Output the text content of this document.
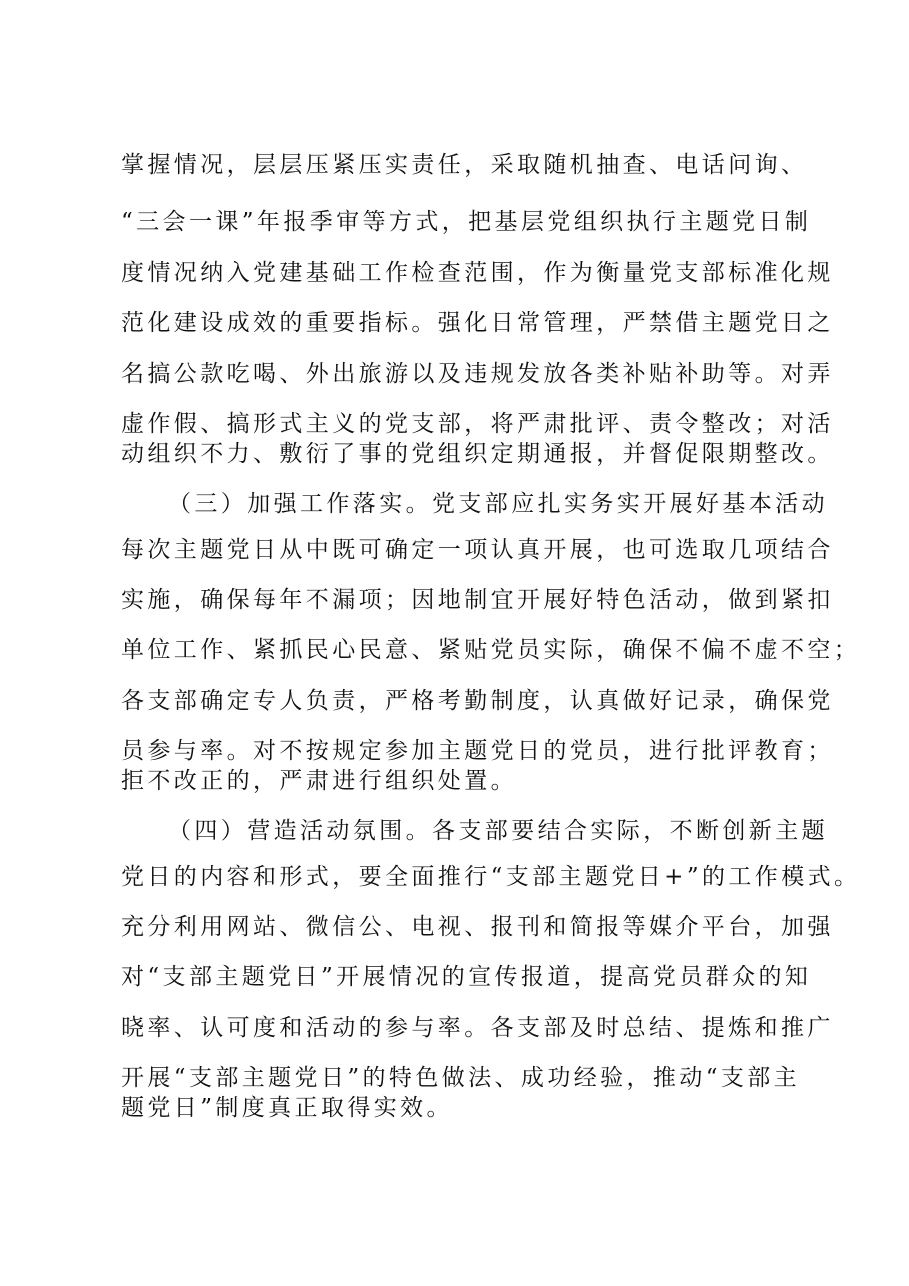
掌握情况，层层压紧压实责任，采取随机抽查、电话问询、
“三会一课”年报季审等方式，把基层党组织执行主题党日制
度情况纳入党建基础工作检查范围，作为衡量党支部标准化规
范化建设成效的重要指标。强化日常管理，严禁借主题党日之
名搞公款吃喝、外出旅游以及违规发放各类补贴补助等。对弄
虚作假、搞形式主义的党支部，将严肃批评、责令整改；对活
动组织不力、敷衍了事的党组织定期通报，并督促限期整改。
（三）加强工作落实。党支部应扎实务实开展好基本活动
每次主题党日从中既可确定一项认真开展，也可选取几项结合
实施，确保每年不漏项；因地制宜开展好特色活动，做到紧扣
单位工作、紧抓民心民意、紧贴党员实际，确保不偏不虚不空；
各支部确定专人负责，严格考勤制度，认真做好记录，确保党
员参与率。对不按规定参加主题党日的党员，进行批评教育；
拒不改正的，严肃进行组织处置。
（四）营造活动氛围。各支部要结合实际，不断创新主题
党日的内容和形式，要全面推行“支部主题党日+”的工作模式。
充分利用网站、微信公、电视、报刊和简报等媒介平台，加强
对“支部主题党日”开展情况的宣传报道，提高党员群众的知
晓率、认可度和活动的参与率。各支部及时总结、提炼和推广
开展“支部主题党日”的特色做法、成功经验，推动“支部主
题党日”制度真正取得实效。
